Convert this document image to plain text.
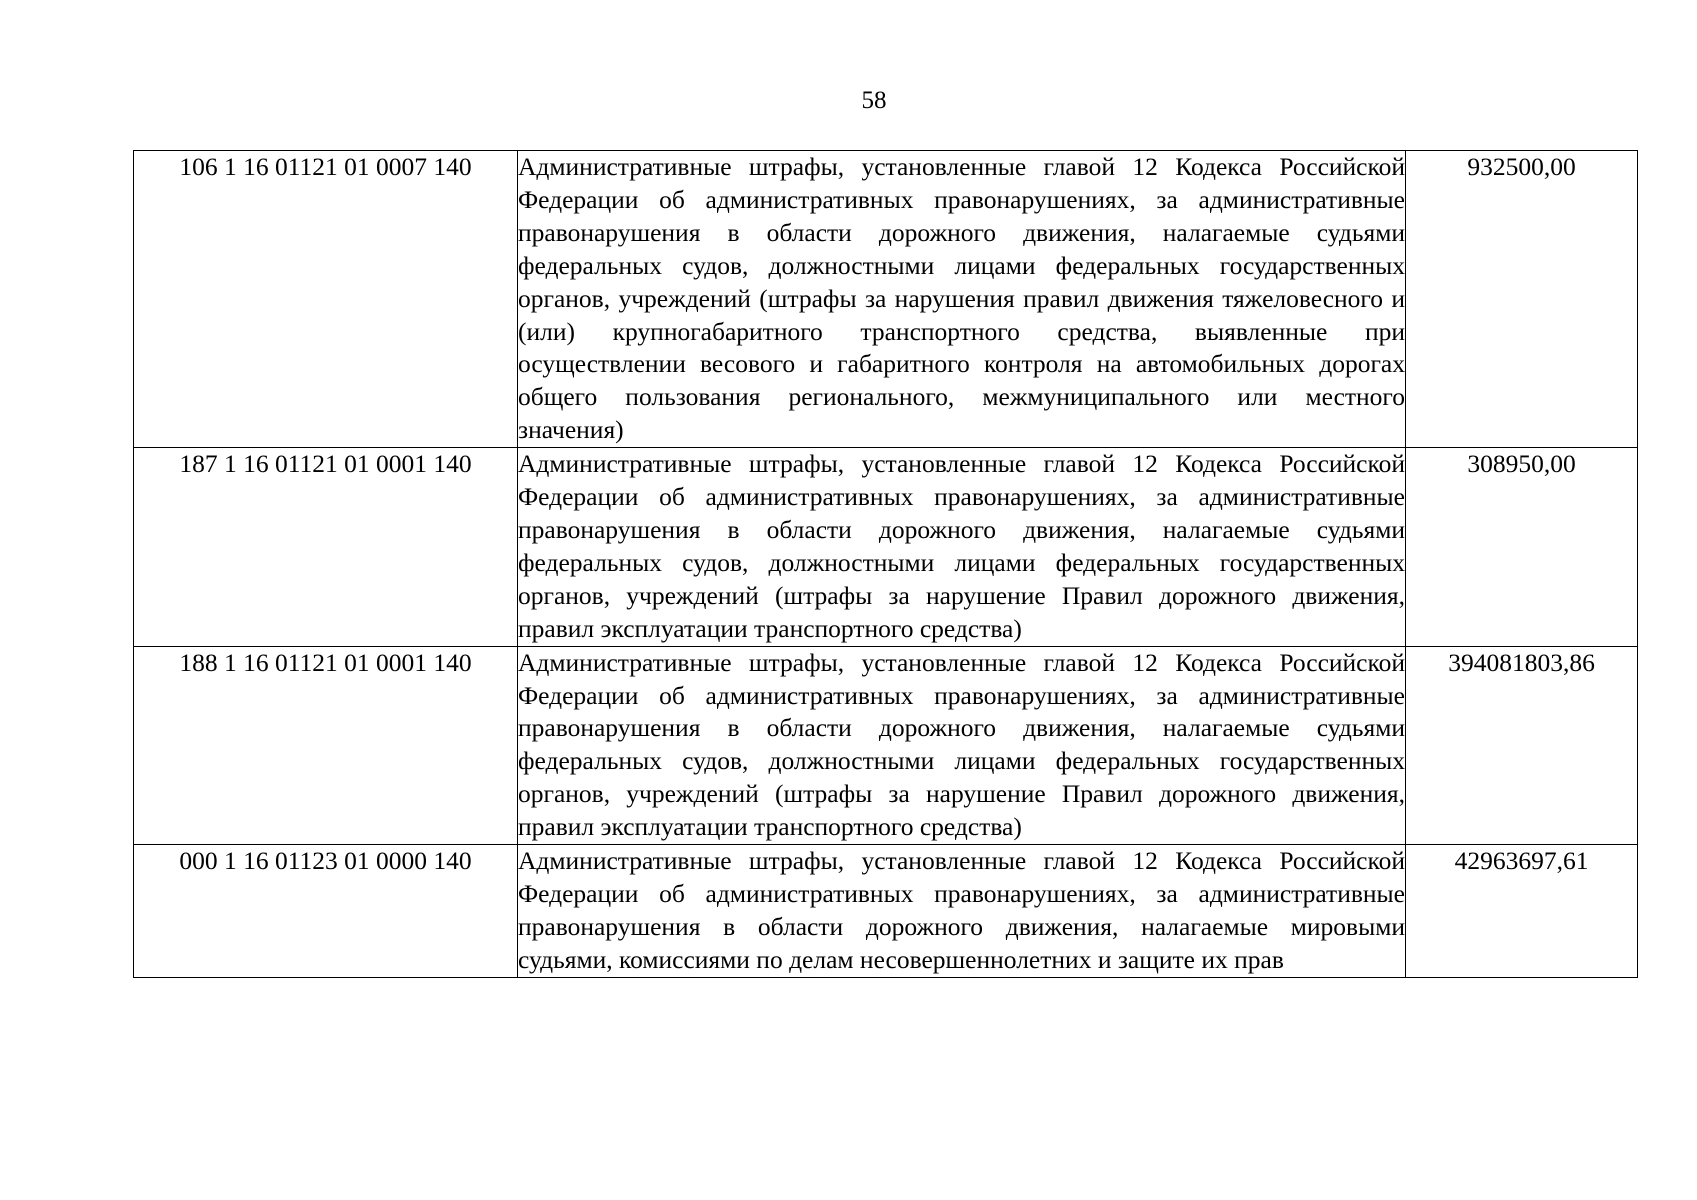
58
106 1 16 01121 01 0007 140	Административные штрафы, установленные главой 12 Кодекса Российской Федерации об административных правонарушениях, за административные правонарушения в области дорожного движения, налагаемые судьями федеральных судов, должностными лицами федеральных государственных органов, учреждений (штрафы за нарушения правил движения тяжеловесного и (или) крупногабаритного транспортного средства, выявленные при осуществлении весового и габаритного контроля на автомобильных дорогах общего пользования регионального, межмуниципального или местного значения)	932500,00
187 1 16 01121 01 0001 140	Административные штрафы, установленные главой 12 Кодекса Российской Федерации об административных правонарушениях, за административные правонарушения в области дорожного движения, налагаемые судьями федеральных судов, должностными лицами федеральных государственных органов, учреждений (штрафы за нарушение Правил дорожного движения, правил эксплуатации транспортного средства)	308950,00
188 1 16 01121 01 0001 140	Административные штрафы, установленные главой 12 Кодекса Российской Федерации об административных правонарушениях, за административные правонарушения в области дорожного движения, налагаемые судьями федеральных судов, должностными лицами федеральных государственных органов, учреждений (штрафы за нарушение Правил дорожного движения, правил эксплуатации транспортного средства)	394081803,86
000 1 16 01123 01 0000 140	Административные штрафы, установленные главой 12 Кодекса Российской Федерации об административных правонарушениях, за административные правонарушения в области дорожного движения, налагаемые мировыми судьями, комиссиями по делам несовершеннолетних и защите их прав	42963697,61
